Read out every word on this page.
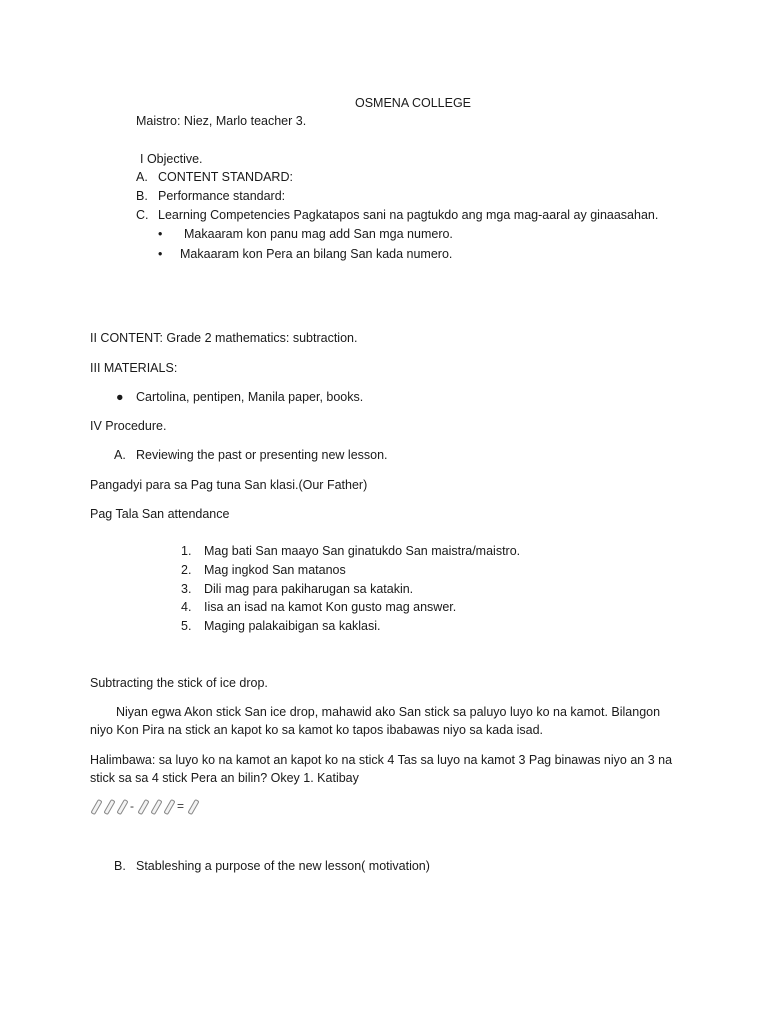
OSMENA COLLEGE
Maistro: Niez, Marlo teacher 3.
I Objective.
A. CONTENT STANDARD:
B. Performance standard:
C. Learning Competencies Pagkatapos sani na pagtukdo ang mga mag-aaral ay ginaasahan.
• Makaaram kon panu mag add San mga numero.
• Makaaram kon Pera an bilang San kada numero.
II CONTENT: Grade 2 mathematics: subtraction.
III MATERIALS:
● Cartolina, pentipen, Manila paper, books.
IV Procedure.
A. Reviewing the past or presenting new lesson.
Pangadyi para sa Pag tuna San klasi.(Our Father)
Pag Tala San attendance
1. Mag bati San maayo San ginatukdo San maistra/maistro.
2. Mag ingkod San matanos
3. Dili mag para pakiharugan sa katakin.
4. Iisa an isad na kamot Kon gusto mag answer.
5. Maging palakaibigan sa kaklasi.
Subtracting the stick of ice drop.
Niyan egwa Akon stick San ice drop, mahawid ako San stick sa paluyo luyo ko na kamot. Bilangon niyo Kon Pira na stick an kapot ko sa kamot ko tapos ibabawas niyo sa kada isad.
Halimbawa: sa luyo ko na kamot an kapot ko na stick 4 Tas sa luyo na kamot 3 Pag binawas niyo an 3 na stick sa sa 4 stick Pera an bilin? Okey 1. Katibay
-	=
B. Stableshing a purpose of the new lesson( motivation)
